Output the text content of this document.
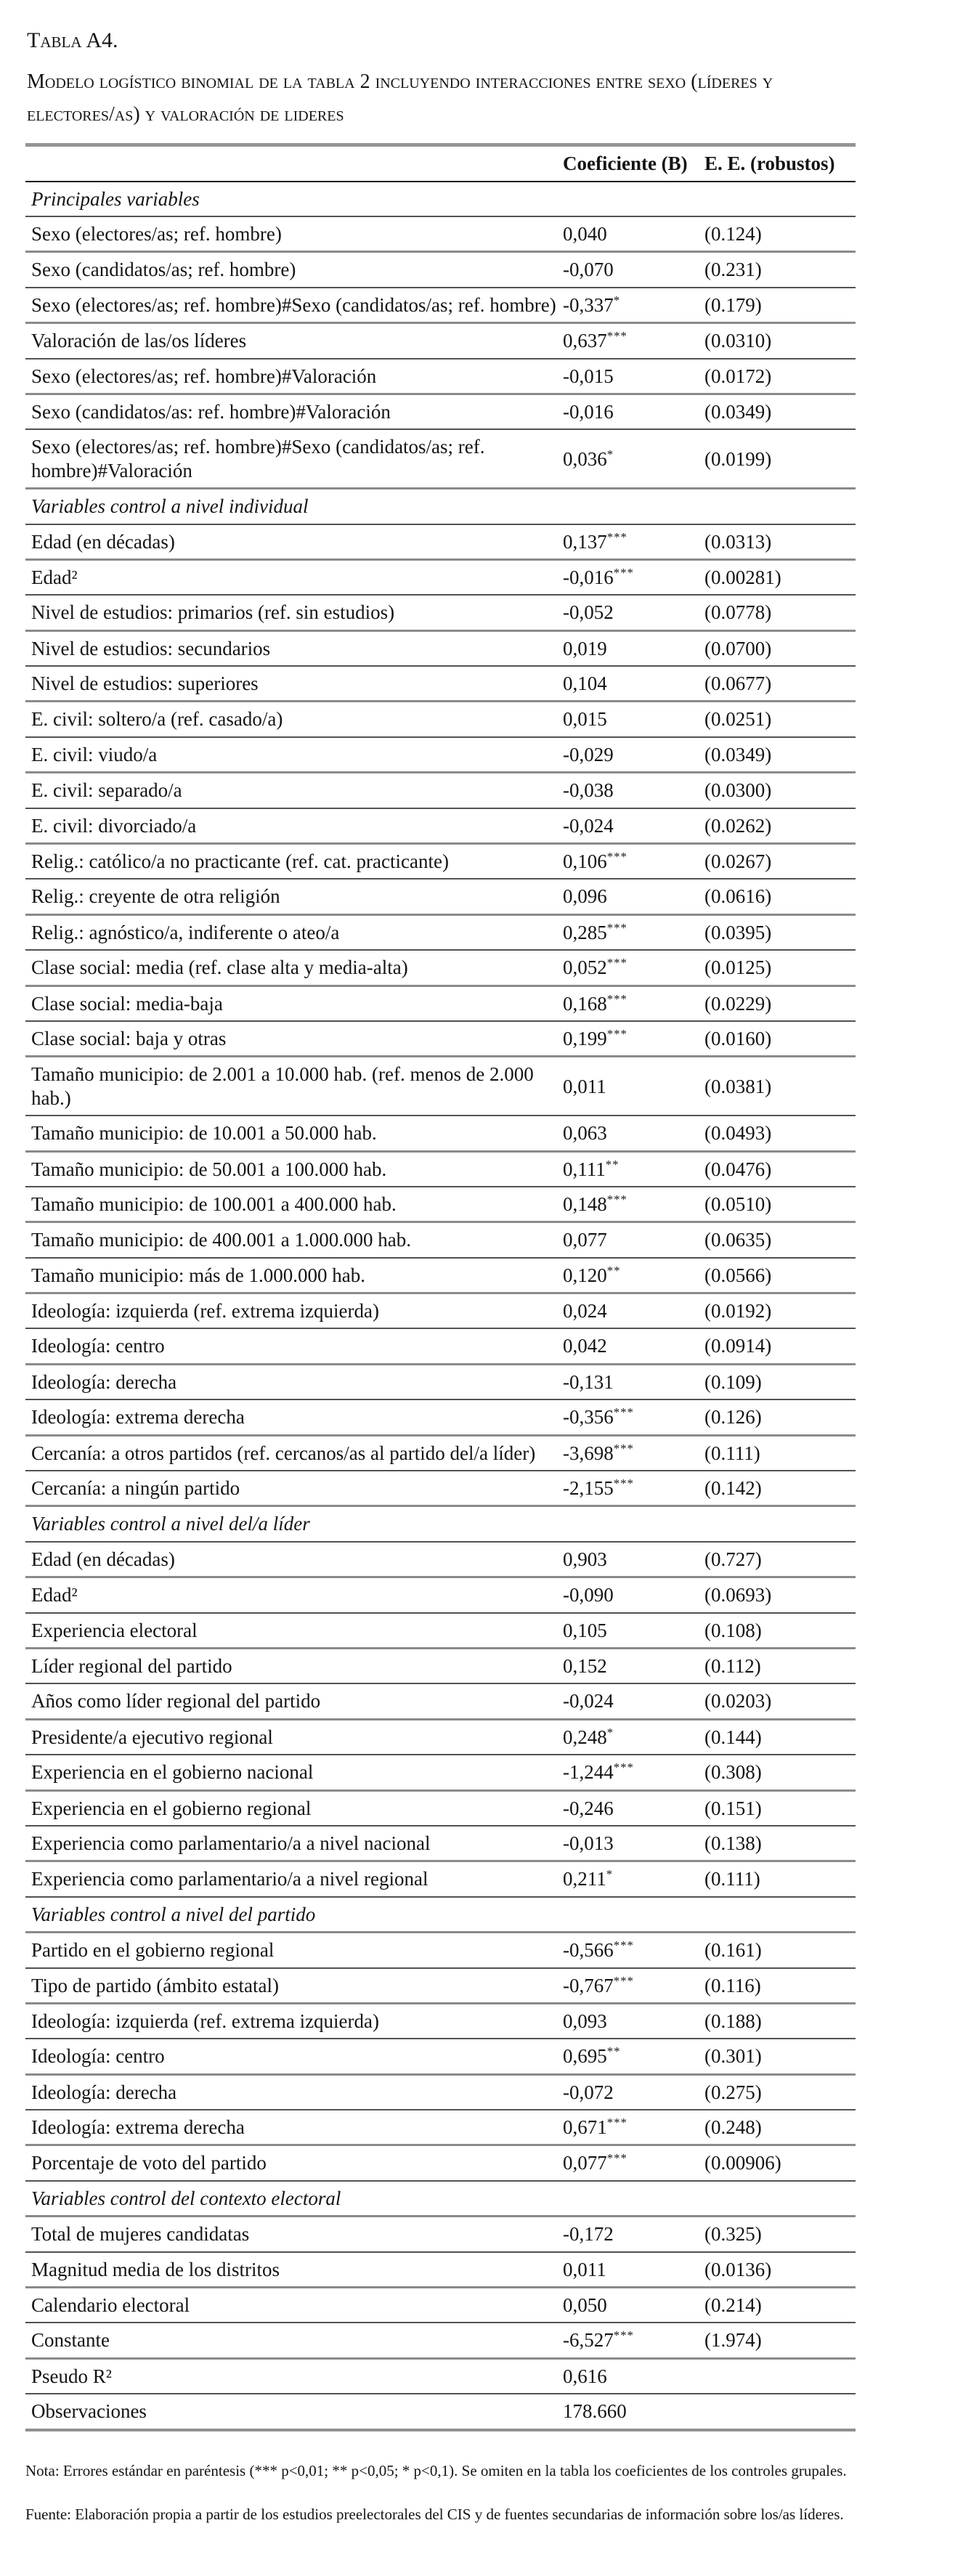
Tabla A4.
Modelo logístico binomial de la tabla 2 incluyendo interacciones entre sexo (líderes y electores/as) y valoración de lideres
	Coeficiente (B)	E. E. (robustos)
Principales variables		
Sexo (electores/as; ref. hombre)	0,040	(0.124)
Sexo (candidatos/as; ref. hombre)	-0,070	(0.231)
Sexo (electores/as; ref. hombre)#Sexo (candidatos/as; ref. hombre)	-0,337*	(0.179)
Valoración de las/os líderes	0,637***	(0.0310)
Sexo (electores/as; ref. hombre)#Valoración	-0,015	(0.0172)
Sexo (candidatos/as: ref. hombre)#Valoración	-0,016	(0.0349)
Sexo (electores/as; ref. hombre)#Sexo (candidatos/as; ref. hombre)#Valoración	0,036*	(0.0199)
Variables control a nivel individual		
Edad (en décadas)	0,137***	(0.0313)
Edad²	-0,016***	(0.00281)
Nivel de estudios: primarios (ref. sin estudios)	-0,052	(0.0778)
Nivel de estudios: secundarios	0,019	(0.0700)
Nivel de estudios: superiores	0,104	(0.0677)
E. civil: soltero/a (ref. casado/a)	0,015	(0.0251)
E. civil: viudo/a	-0,029	(0.0349)
E. civil: separado/a	-0,038	(0.0300)
E. civil: divorciado/a	-0,024	(0.0262)
Relig.: católico/a no practicante (ref. cat. practicante)	0,106***	(0.0267)
Relig.: creyente de otra religión	0,096	(0.0616)
Relig.: agnóstico/a, indiferente o ateo/a	0,285***	(0.0395)
Clase social: media (ref. clase alta y media-alta)	0,052***	(0.0125)
Clase social: media-baja	0,168***	(0.0229)
Clase social: baja y otras	0,199***	(0.0160)
Tamaño municipio: de 2.001 a 10.000 hab. (ref. menos de 2.000 hab.)	0,011	(0.0381)
Tamaño municipio: de 10.001 a 50.000 hab.	0,063	(0.0493)
Tamaño municipio: de 50.001 a 100.000 hab.	0,111**	(0.0476)
Tamaño municipio: de 100.001 a 400.000 hab.	0,148***	(0.0510)
Tamaño municipio: de 400.001 a 1.000.000 hab.	0,077	(0.0635)
Tamaño municipio: más de 1.000.000 hab.	0,120**	(0.0566)
Ideología: izquierda (ref. extrema izquierda)	0,024	(0.0192)
Ideología: centro	0,042	(0.0914)
Ideología: derecha	-0,131	(0.109)
Ideología: extrema derecha	-0,356***	(0.126)
Cercanía: a otros partidos (ref. cercanos/as al partido del/a líder)	-3,698***	(0.111)
Cercanía: a ningún partido	-2,155***	(0.142)
Variables control a nivel del/a líder		
Edad (en décadas)	0,903	(0.727)
Edad²	-0,090	(0.0693)
Experiencia electoral	0,105	(0.108)
Líder regional del partido	0,152	(0.112)
Años como líder regional del partido	-0,024	(0.0203)
Presidente/a ejecutivo regional	0,248*	(0.144)
Experiencia en el gobierno nacional	-1,244***	(0.308)
Experiencia en el gobierno regional	-0,246	(0.151)
Experiencia como parlamentario/a a nivel nacional	-0,013	(0.138)
Experiencia como parlamentario/a a nivel regional	0,211*	(0.111)
Variables control a nivel del partido		
Partido en el gobierno regional	-0,566***	(0.161)
Tipo de partido (ámbito estatal)	-0,767***	(0.116)
Ideología: izquierda (ref. extrema izquierda)	0,093	(0.188)
Ideología: centro	0,695**	(0.301)
Ideología: derecha	-0,072	(0.275)
Ideología: extrema derecha	0,671***	(0.248)
Porcentaje de voto del partido	0,077***	(0.00906)
Variables control del contexto electoral		
Total de mujeres candidatas	-0,172	(0.325)
Magnitud media de los distritos	0,011	(0.0136)
Calendario electoral	0,050	(0.214)
Constante	-6,527***	(1.974)
Pseudo R²	0,616	
Observaciones	178.660	

Nota: Errores estándar en paréntesis (*** p<0,01; ** p<0,05; * p<0,1). Se omiten en la tabla los coeficientes de los controles grupales.

Fuente: Elaboración propia a partir de los estudios preelectorales del CIS y de fuentes secundarias de información sobre los/as líderes.
